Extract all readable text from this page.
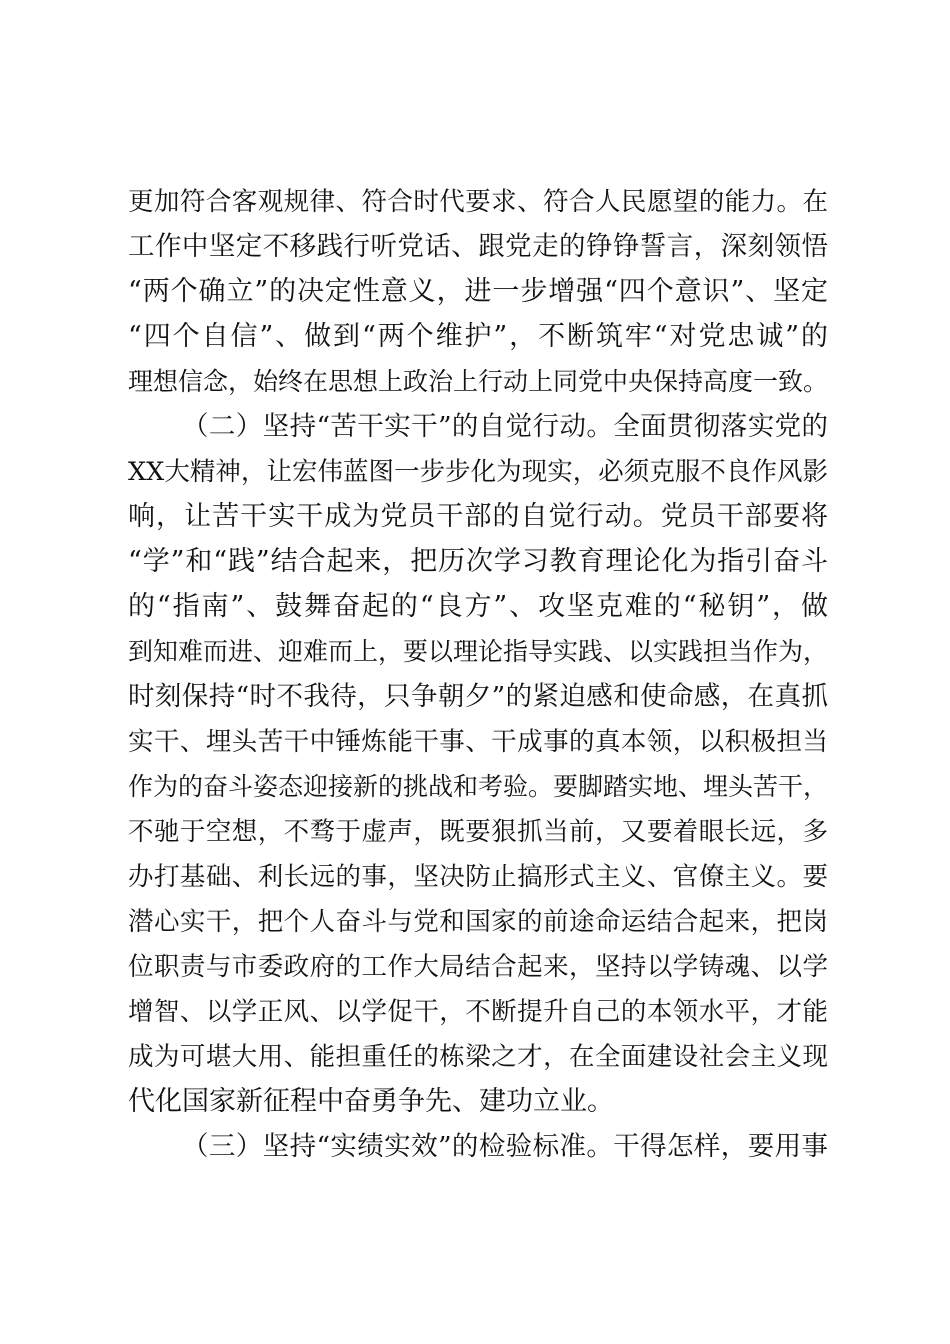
更加符合客观规律、符合时代要求、符合人民愿望的能力。在
工作中坚定不移践行听党话、跟党走的铮铮誓言，深刻领悟
“两个确立”的决定性意义，进一步增强“四个意识”、坚定
“四个自信”、做到“两个维护”，不断筑牢“对党忠诚”的
理想信念，始终在思想上政治上行动上同党中央保持高度一致。
（二）坚持“苦干实干”的自觉行动。全面贯彻落实党的
XX大精神，让宏伟蓝图一步步化为现实，必须克服不良作风影
响，让苦干实干成为党员干部的自觉行动。党员干部要将
“学”和“践”结合起来，把历次学习教育理论化为指引奋斗
的“指南”、鼓舞奋起的“良方”、攻坚克难的“秘钥”，做
到知难而进、迎难而上，要以理论指导实践、以实践担当作为，
时刻保持“时不我待，只争朝夕”的紧迫感和使命感，在真抓
实干、埋头苦干中锤炼能干事、干成事的真本领，以积极担当
作为的奋斗姿态迎接新的挑战和考验。要脚踏实地、埋头苦干，
不驰于空想，不骛于虚声，既要狠抓当前，又要着眼长远，多
办打基础、利长远的事，坚决防止搞形式主义、官僚主义。要
潜心实干，把个人奋斗与党和国家的前途命运结合起来，把岗
位职责与市委政府的工作大局结合起来，坚持以学铸魂、以学
增智、以学正风、以学促干，不断提升自己的本领水平，才能
成为可堪大用、能担重任的栋梁之才，在全面建设社会主义现
代化国家新征程中奋勇争先、建功立业。
（三）坚持“实绩实效”的检验标准。干得怎样，要用事
